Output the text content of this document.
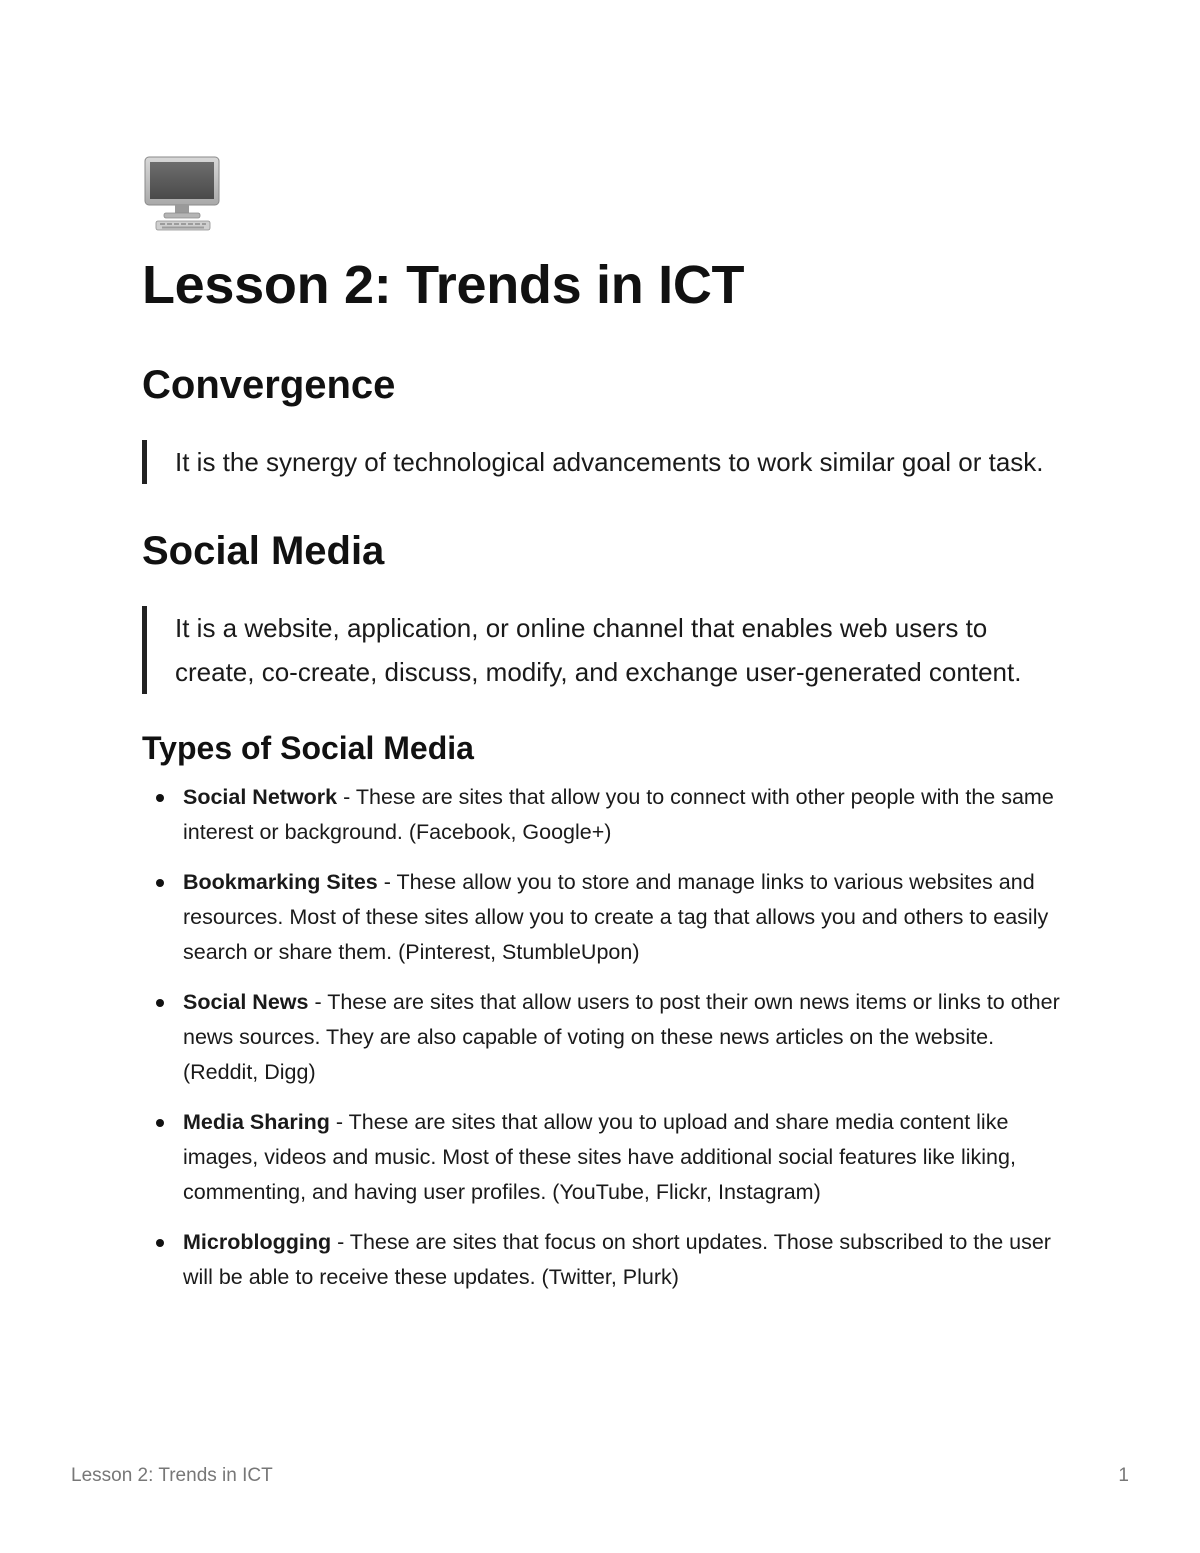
Lesson 2: Trends in ICT
Convergence
It is the synergy of technological advancements to work similar goal or task.
Social Media
It is a website, application, or online channel that enables web users to create, co-create, discuss, modify, and exchange user-generated content.
Types of Social Media
Social Network - These are sites that allow you to connect with other people with the same interest or background. (Facebook, Google+)
Bookmarking Sites - These allow you to store and manage links to various websites and resources. Most of these sites allow you to create a tag that allows you and others to easily search or share them. (Pinterest, StumbleUpon)
Social News - These are sites that allow users to post their own news items or links to other news sources. They are also capable of voting on these news articles on the website. (Reddit, Digg)
Media Sharing - These are sites that allow you to upload and share media content like images, videos and music. Most of these sites have additional social features like liking, commenting, and having user profiles. (YouTube, Flickr, Instagram)
Microblogging - These are sites that focus on short updates. Those subscribed to the user will be able to receive these updates. (Twitter, Plurk)
Lesson 2: Trends in ICT	1
